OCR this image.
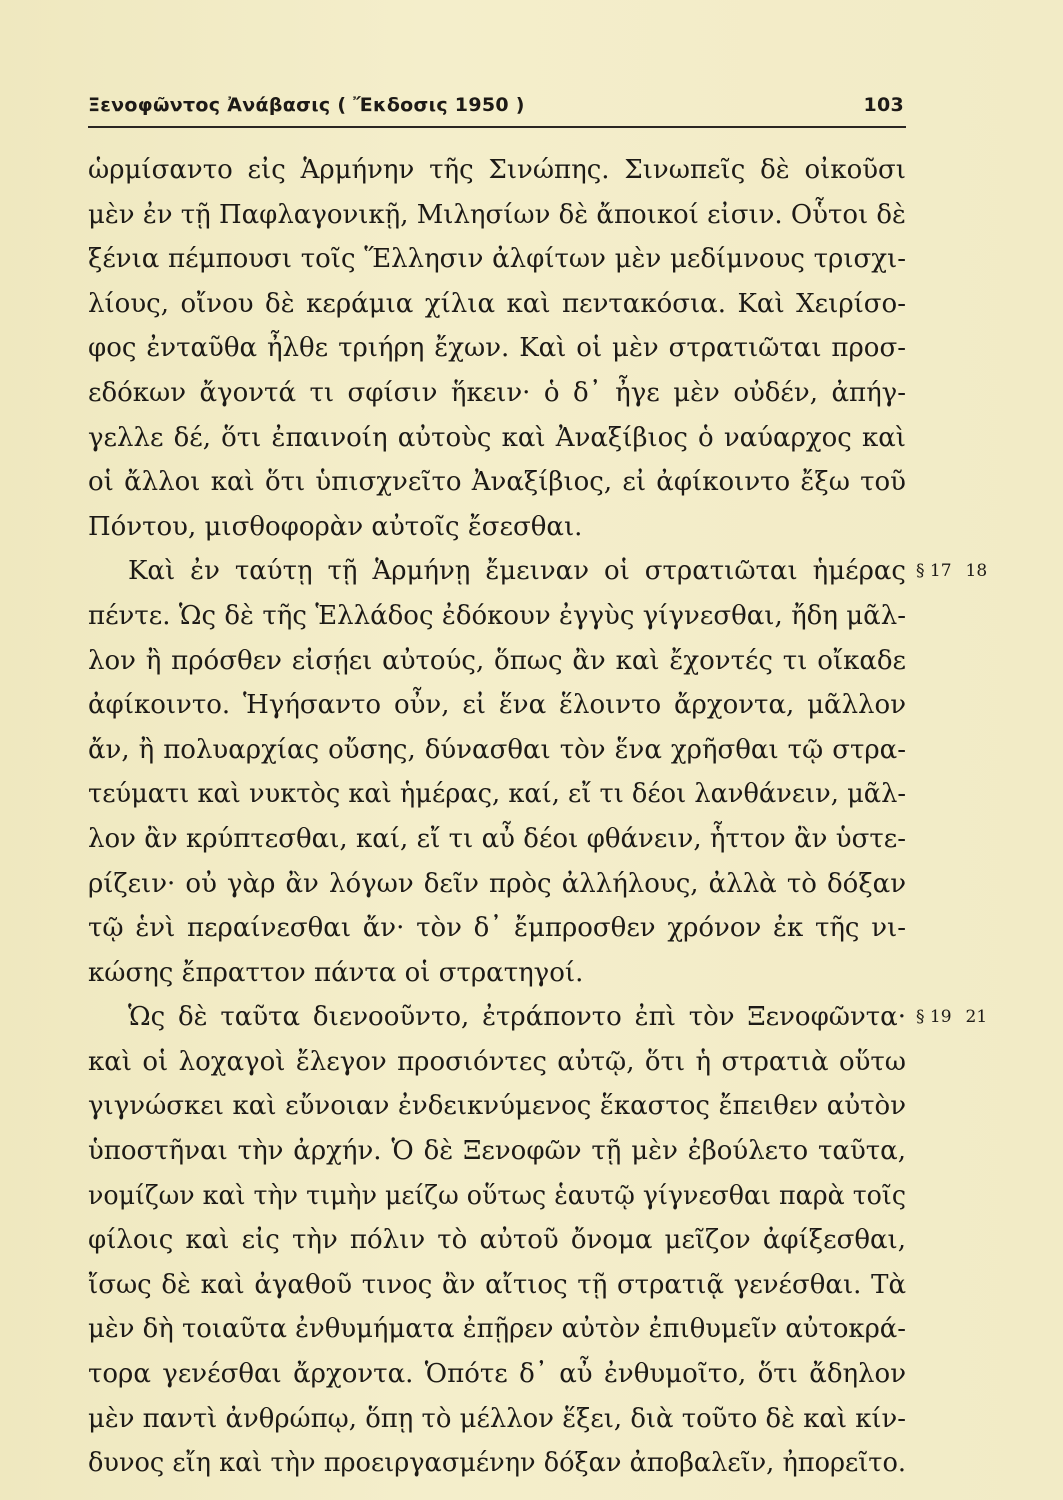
Ξενοφῶντος Ἀνάβασις ( Ἔκδοσις 1950 )	103
ὡρμίσαντο εἰς Ἁρμήνην τῆς Σινώπης. Σινωπεῖς δὲ οἰκοῦσι
μὲν ἐν τῇ Παφλαγονικῇ, Μιλησίων δὲ ἄποικοί εἰσιν. Οὗτοι δὲ
ξένια πέμπουσι τοῖς Ἕλλησιν ἀλφίτων μὲν μεδίμνους τρισχι-
λίους, οἴνου δὲ κεράμια χίλια καὶ πεντακόσια. Καὶ Χειρίσο-
φος ἐνταῦθα ἦλθε τριήρη ἔχων. Καὶ οἱ μὲν στρατιῶται προσ-
εδόκων ἄγοντά τι σφίσιν ἥκειν· ὁ δ᾽ ἦγε μὲν οὐδέν, ἀπήγ-
γελλε δέ, ὅτι ἐπαινοίη αὐτοὺς καὶ Ἀναξίβιος ὁ ναύαρχος καὶ
οἱ ἄλλοι καὶ ὅτι ὑπισχνεῖτο Ἀναξίβιος, εἰ ἀφίκοιντο ἔξω τοῦ
Πόντου, μισθοφορὰν αὐτοῖς ἔσεσθαι.
Καὶ ἐν ταύτῃ τῇ Ἁρμήνῃ ἔμειναν οἱ στρατιῶται ἡμέρας § 17 18
πέντε. Ὡς δὲ τῆς Ἑλλάδος ἐδόκουν ἐγγὺς γίγνεσθαι, ἤδη μᾶλ-
λον ἢ πρόσθεν εἰσῄει αὐτούς, ὅπως ἂν καὶ ἔχοντές τι οἴκαδε
ἀφίκοιντο. Ἡγήσαντο οὖν, εἰ ἕνα ἕλοιντο ἄρχοντα, μᾶλλον
ἄν, ἢ πολυαρχίας οὔσης, δύνασθαι τὸν ἕνα χρῆσθαι τῷ στρα-
τεύματι καὶ νυκτὸς καὶ ἡμέρας, καί, εἴ τι δέοι λανθάνειν, μᾶλ-
λον ἂν κρύπτεσθαι, καί, εἴ τι αὖ δέοι φθάνειν, ἧττον ἂν ὑστε-
ρίζειν· οὐ γὰρ ἂν λόγων δεῖν πρὸς ἀλλήλους, ἀλλὰ τὸ δόξαν
τῷ ἑνὶ περαίνεσθαι ἄν· τὸν δ᾽ ἔμπροσθεν χρόνον ἐκ τῆς νι-
κώσης ἔπραττον πάντα οἱ στρατηγοί.
Ὡς δὲ ταῦτα διενοοῦντο, ἐτράποντο ἐπὶ τὸν Ξενοφῶντα· § 19 21
καὶ οἱ λοχαγοὶ ἔλεγον προσιόντες αὐτῷ, ὅτι ἡ στρατιὰ οὕτω
γιγνώσκει καὶ εὔνοιαν ἐνδεικνύμενος ἕκαστος ἔπειθεν αὐτὸν
ὑποστῆναι τὴν ἀρχήν. Ὁ δὲ Ξενοφῶν τῇ μὲν ἐβούλετο ταῦτα,
νομίζων καὶ τὴν τιμὴν μείζω οὕτως ἑαυτῷ γίγνεσθαι παρὰ τοῖς
φίλοις καὶ εἰς τὴν πόλιν τὸ αὐτοῦ ὄνομα μεῖζον ἀφίξεσθαι,
ἴσως δὲ καὶ ἀγαθοῦ τινος ἂν αἴτιος τῇ στρατιᾷ γενέσθαι. Τὰ
μὲν δὴ τοιαῦτα ἐνθυμήματα ἐπῇρεν αὐτὸν ἐπιθυμεῖν αὐτοκρά-
τορα γενέσθαι ἄρχοντα. Ὁπότε δ᾽ αὖ ἐνθυμοῖτο, ὅτι ἄδηλον
μὲν παντὶ ἀνθρώπῳ, ὅπῃ τὸ μέλλον ἕξει, διὰ τοῦτο δὲ καὶ κίν-
δυνος εἴη καὶ τὴν προειργασμένην δόξαν ἀποβαλεῖν, ἠπορεῖτο.
